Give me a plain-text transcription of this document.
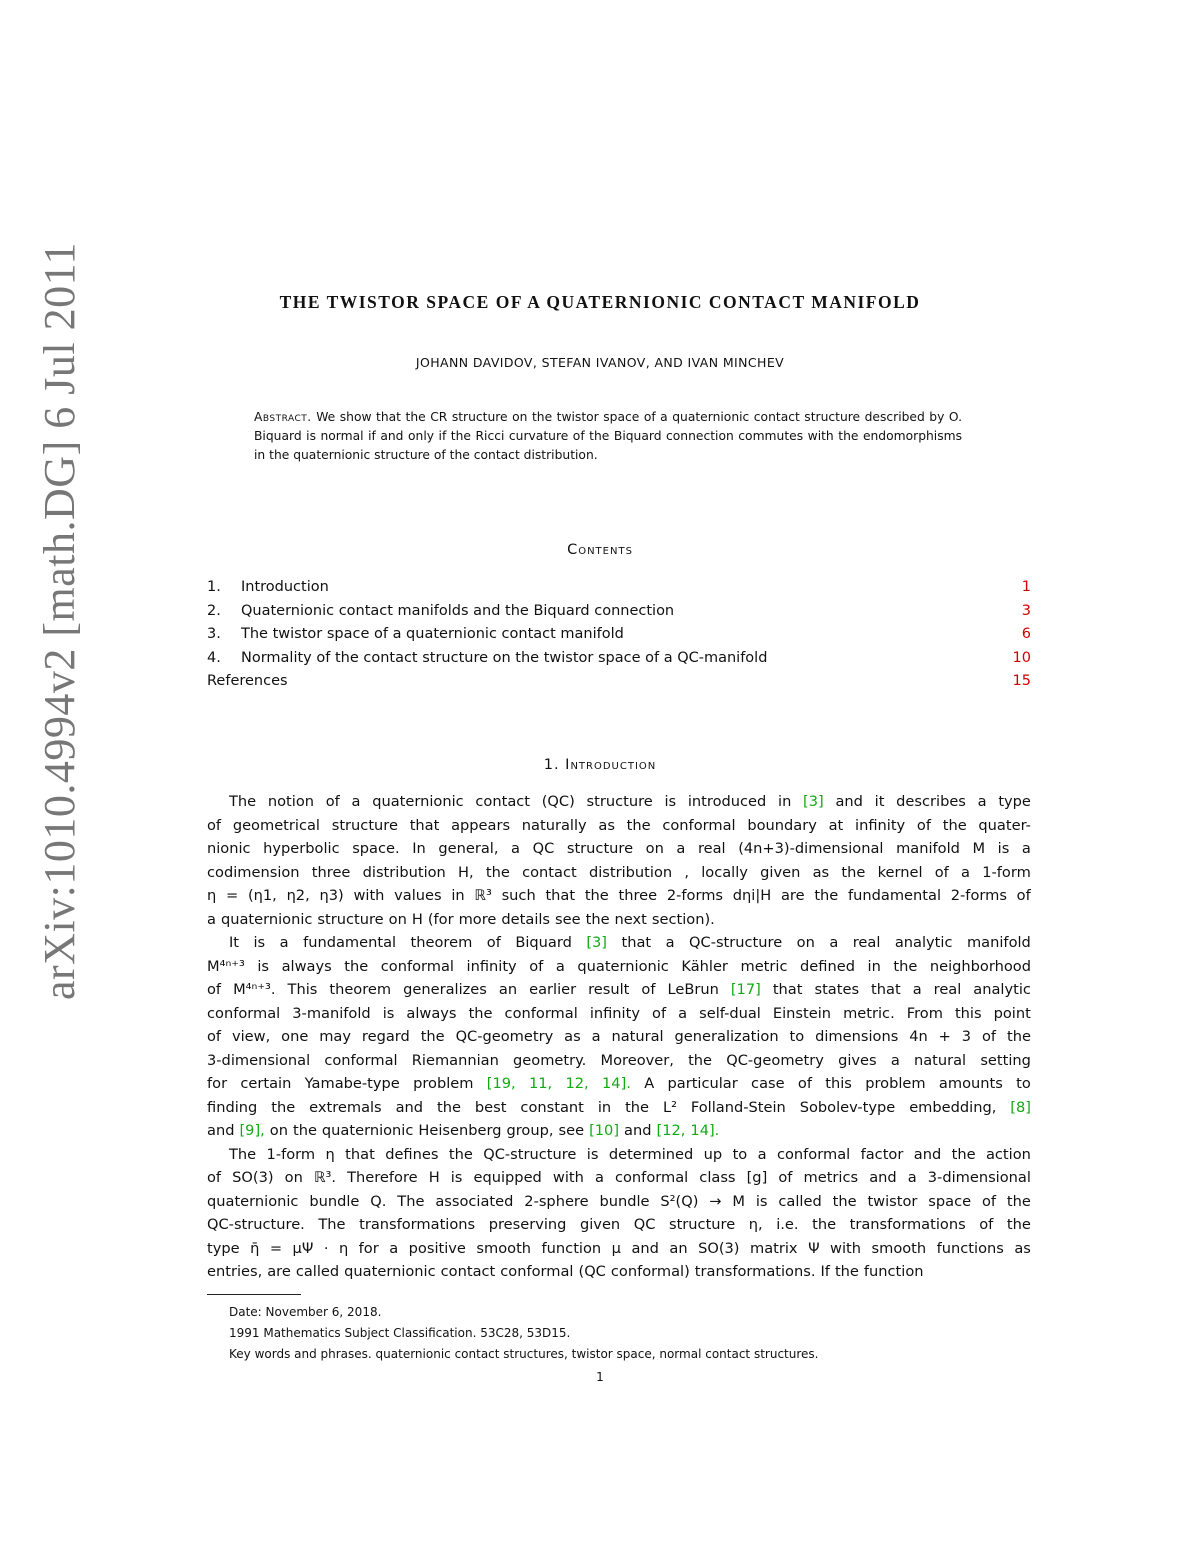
arXiv:1010.4994v2 [math.DG] 6 Jul 2011	THE TWISTOR SPACE OF A QUATERNIONIC CONTACT MANIFOLD
JOHANN DAVIDOV, STEFAN IVANOV, AND IVAN MINCHEV
Abstract. We show that the CR structure on the twistor space of a quaternionic contact structure described by O. Biquard is normal if and only if the Ricci curvature of the Biquard connection commutes with the endomorphisms in the quaternionic structure of the contact distribution.
Contents
1. Introduction	1
2. Quaternionic contact manifolds and the Biquard connection	3
3. The twistor space of a quaternionic contact manifold	6
4. Normality of the contact structure on the twistor space of a QC-manifold	10
References	15
1. Introduction
The notion of a quaternionic contact (QC) structure is introduced in [3] and it describes a type
of geometrical structure that appears naturally as the conformal boundary at infinity of the quater-
nionic hyperbolic space. In general, a QC structure on a real (4n+3)-dimensional manifold M is a
codimension three distribution H, the contact distribution , locally given as the kernel of a 1-form
η = (η1, η2, η3) with values in ℝ³ such that the three 2-forms dηi|H are the fundamental 2-forms of
a quaternionic structure on H (for more details see the next section).
It is a fundamental theorem of Biquard [3] that a QC-structure on a real analytic manifold
M⁴ⁿ⁺³ is always the conformal infinity of a quaternionic Kähler metric defined in the neighborhood
of M⁴ⁿ⁺³. This theorem generalizes an earlier result of LeBrun [17] that states that a real analytic
conformal 3-manifold is always the conformal infinity of a self-dual Einstein metric. From this point
of view, one may regard the QC-geometry as a natural generalization to dimensions 4n + 3 of the
3-dimensional conformal Riemannian geometry. Moreover, the QC-geometry gives a natural setting
for certain Yamabe-type problem [19, 11, 12, 14]. A particular case of this problem amounts to
finding the extremals and the best constant in the L² Folland-Stein Sobolev-type embedding, [8]
and [9], on the quaternionic Heisenberg group, see [10] and [12, 14].
The 1-form η that defines the QC-structure is determined up to a conformal factor and the action
of SO(3) on ℝ³. Therefore H is equipped with a conformal class [g] of metrics and a 3-dimensional
quaternionic bundle Q. The associated 2-sphere bundle S²(Q) → M is called the twistor space of the
QC-structure. The transformations preserving given QC structure η, i.e. the transformations of the
type η̄ = μΨ · η for a positive smooth function μ and an SO(3) matrix Ψ with smooth functions as
entries, are called quaternionic contact conformal (QC conformal) transformations. If the function
Date: November 6, 2018.
1991 Mathematics Subject Classification. 53C28, 53D15.
Key words and phrases. quaternionic contact structures, twistor space, normal contact structures.
1
